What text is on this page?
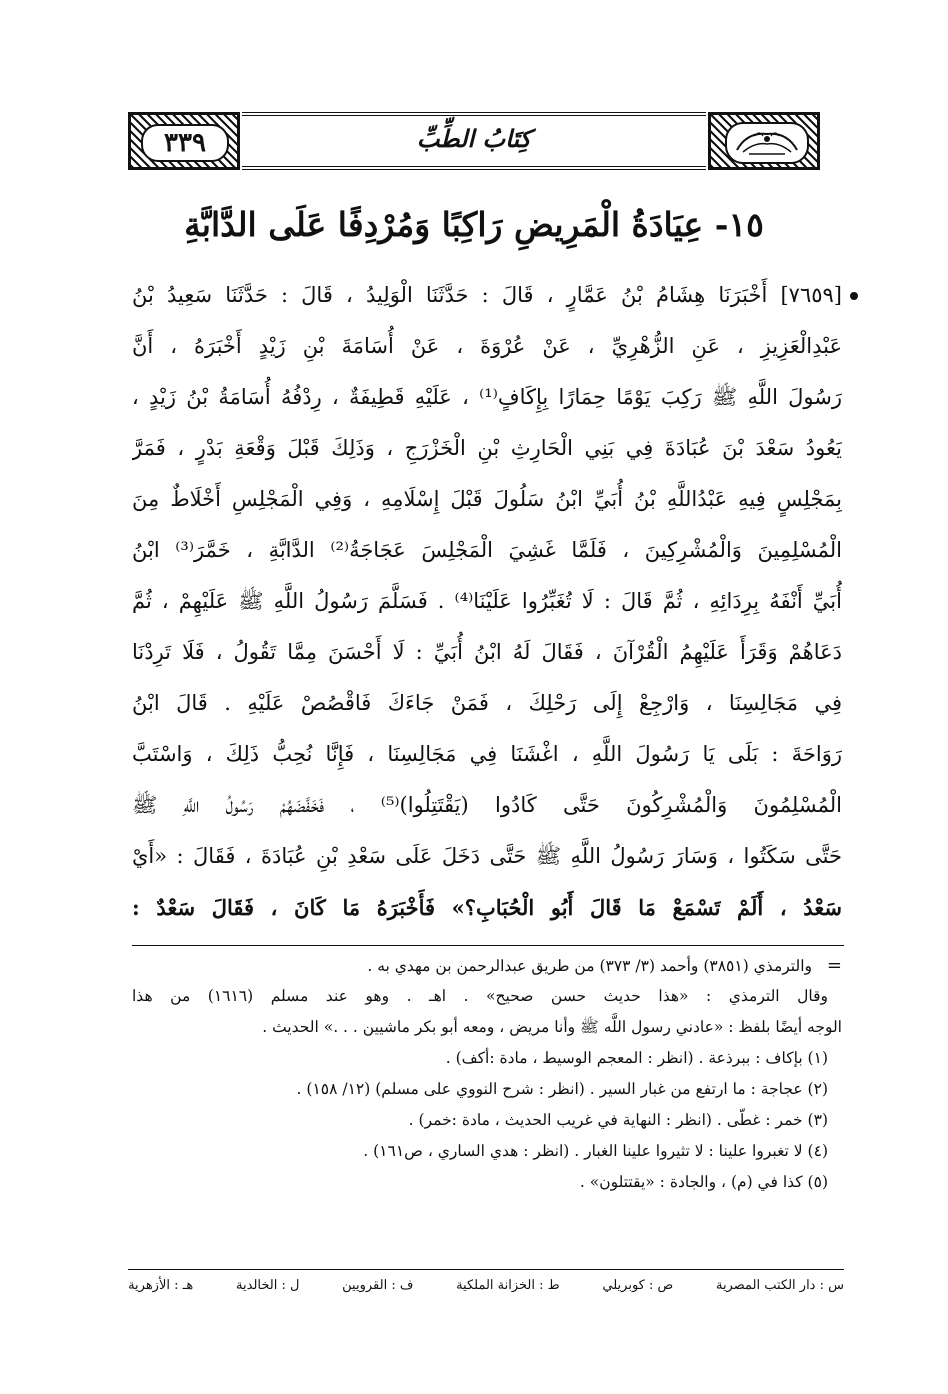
٣٣٩	كِتَابُ الطِّبِّ
١٥- عِيَادَةُ الْمَرِيضِ رَاكِبًا وَمُرْدِفًا عَلَى الدَّابَّةِ
[٧٦٥٩] أَخْبَرَنَا هِشَامُ بْنُ عَمَّارٍ ، قَالَ : حَدَّثَنَا الْوَلِيدُ ، قَالَ : حَدَّثَنَا سَعِيدُ بْنُ
عَبْدِالْعَزِيزِ ، عَنِ الزُّهْرِيِّ ، عَنْ عُرْوَةَ ، عَنْ أُسَامَةَ بْنِ زَيْدٍ أَخْبَرَهُ ، أَنَّ
رَسُولَ اللَّهِ ﷺ رَكِبَ يَوْمًا حِمَارًا بِإِكَافٍ⁽¹⁾ ، عَلَيْهِ قَطِيفَةٌ ، رِدْفُهُ أُسَامَةُ بْنُ زَيْدٍ ،
يَعُودُ سَعْدَ بْنَ عُبَادَةَ فِي بَنِي الْحَارِثِ بْنِ الْخَزْرَجِ ، وَذَلِكَ قَبْلَ وَقْعَةِ بَدْرٍ ، فَمَرَّ
بِمَجْلِسٍ فِيهِ عَبْدُاللَّهِ بْنُ أُبَيِّ ابْنُ سَلُولَ قَبْلَ إِسْلَامِهِ ، وَفِي الْمَجْلِسِ أَخْلَاطٌ مِنَ
الْمُسْلِمِينَ وَالْمُشْرِكِينَ ، فَلَمَّا غَشِيَ الْمَجْلِسَ عَجَاجَةُ⁽²⁾ الدَّابَّةِ ، خَمَّرَ⁽³⁾ ابْنُ
أُبَيِّ أَنْفَهُ بِرِدَائِهِ ، ثُمَّ قَالَ : لَا تُغَبِّرُوا عَلَيْنَا⁽⁴⁾ . فَسَلَّمَ رَسُولُ اللَّهِ ﷺ عَلَيْهِمْ ، ثُمَّ
دَعَاهُمْ وَقَرَأَ عَلَيْهِمُ الْقُرْآنَ ، فَقَالَ لَهُ ابْنُ أُبَيِّ : لَا أَحْسَنَ مِمَّا تَقُولُ ، فَلَا تَرِدْنَا
فِي مَجَالِسِنَا ، وَارْجِعْ إِلَى رَحْلِكَ ، فَمَنْ جَاءَكَ فَاقْصُصْ عَلَيْهِ . قَالَ ابْنُ
رَوَاحَةَ : بَلَى يَا رَسُولَ اللَّهِ ، اغْشَنَا فِي مَجَالِسِنَا ، فَإِنَّا نُحِبُّ ذَلِكَ ، وَاسْتَبَّ
الْمُسْلِمُونَ وَالْمُشْرِكُونَ حَتَّى كَادُوا (يَقْتَتِلُوا)⁽⁵⁾ ، فَخَفَّضَهُمْ رَسُولُ اللَّهِ ﷺ
حَتَّى سَكَتُوا ، وَسَارَ رَسُولُ اللَّهِ ﷺ حَتَّى دَخَلَ عَلَى سَعْدِ بْنِ عُبَادَةَ ، فَقَالَ : «أَيْ
سَعْدُ ، أَلَمْ تَسْمَعْ مَا قَالَ أَبُو الْحُبَابِ؟» فَأَخْبَرَهُ مَا كَانَ ، فَقَالَ سَعْدٌ :
=والترمذي (٣٨٥١) وأحمد (٣/ ٣٧٣) من طريق عبدالرحمن بن مهدي به .
وقال الترمذي : «هذا حديث حسن صحيح» . اهـ . وهو عند مسلم (١٦١٦) من هذا
الوجه أيضًا بلفظ : «عادني رسول اللَّه ﷺ وأنا مريض ، ومعه أبو بكر ماشيين . . .» الحديث .
(١) بإكاف : ببرذعة . (انظر : المعجم الوسيط ، مادة :أكف) .
(٢) عجاجة : ما ارتفع من غبار السير . (انظر : شرح النووي على مسلم) (١٢/ ١٥٨) .
(٣) خمر : غطّى . (انظر : النهاية في غريب الحديث ، مادة :خمر) .
(٤) لا تغبروا علينا : لا تثيروا علينا الغبار . (انظر : هدي الساري ، ص١٦١) .
(٥) كذا في (م) ، والجادة : «يقتتلون» .
س : دار الكتب المصرية
ص : كوبريلي
ط : الخزانة الملكية
ف : القرويين
ل : الخالدية
هـ : الأزهرية
